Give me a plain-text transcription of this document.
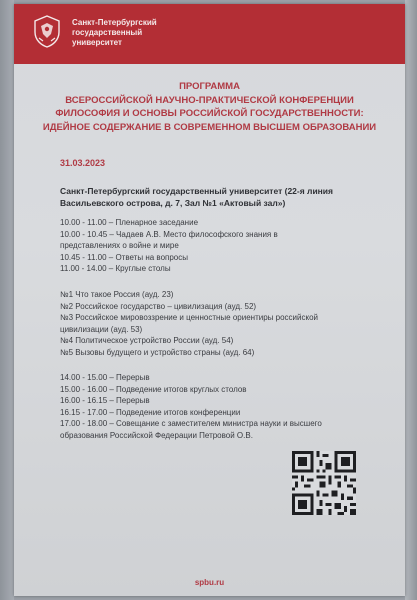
Санкт-Петербургский
государственный
университет
ПРОГРАММА
ВСЕРОССИЙСКОЙ НАУЧНО-ПРАКТИЧЕСКОЙ КОНФЕРЕНЦИИ
ФИЛОСОФИЯ И ОСНОВЫ РОССИЙСКОЙ ГОСУДАРСТВЕННОСТИ:
ИДЕЙНОЕ СОДЕРЖАНИЕ В СОВРЕМЕННОМ ВЫСШЕМ ОБРАЗОВАНИИ
31.03.2023
Санкт-Петербургский государственный университет (22-я линия
Васильевского острова, д. 7, Зал №1 «Актовый зал»)
10.00 - 11.00 – Пленарное заседание
10.00 - 10.45 – Чадаев А.В. Место философского знания в
представлениях о войне и мире
10.45 - 11.00 – Ответы на вопросы
11.00 - 14.00 – Круглые столы
№1 Что такое Россия (ауд. 23)
№2 Российское государство – цивилизация (ауд. 52)
№3 Российское мировоззрение и ценностные ориентиры российской
цивилизации (ауд. 53)
№4 Политическое устройство России (ауд. 54)
№5 Вызовы будущего и устройство страны (ауд. 64)
14.00 - 15.00 – Перерыв
15.00 - 16.00 – Подведение итогов круглых столов
16.00 - 16.15 – Перерыв
16.15 - 17.00 – Подведение итогов конференции
17.00 - 18.00 – Совещание с заместителем министра науки и высшего
образования Российской Федерации Петровой О.В.
spbu.ru
